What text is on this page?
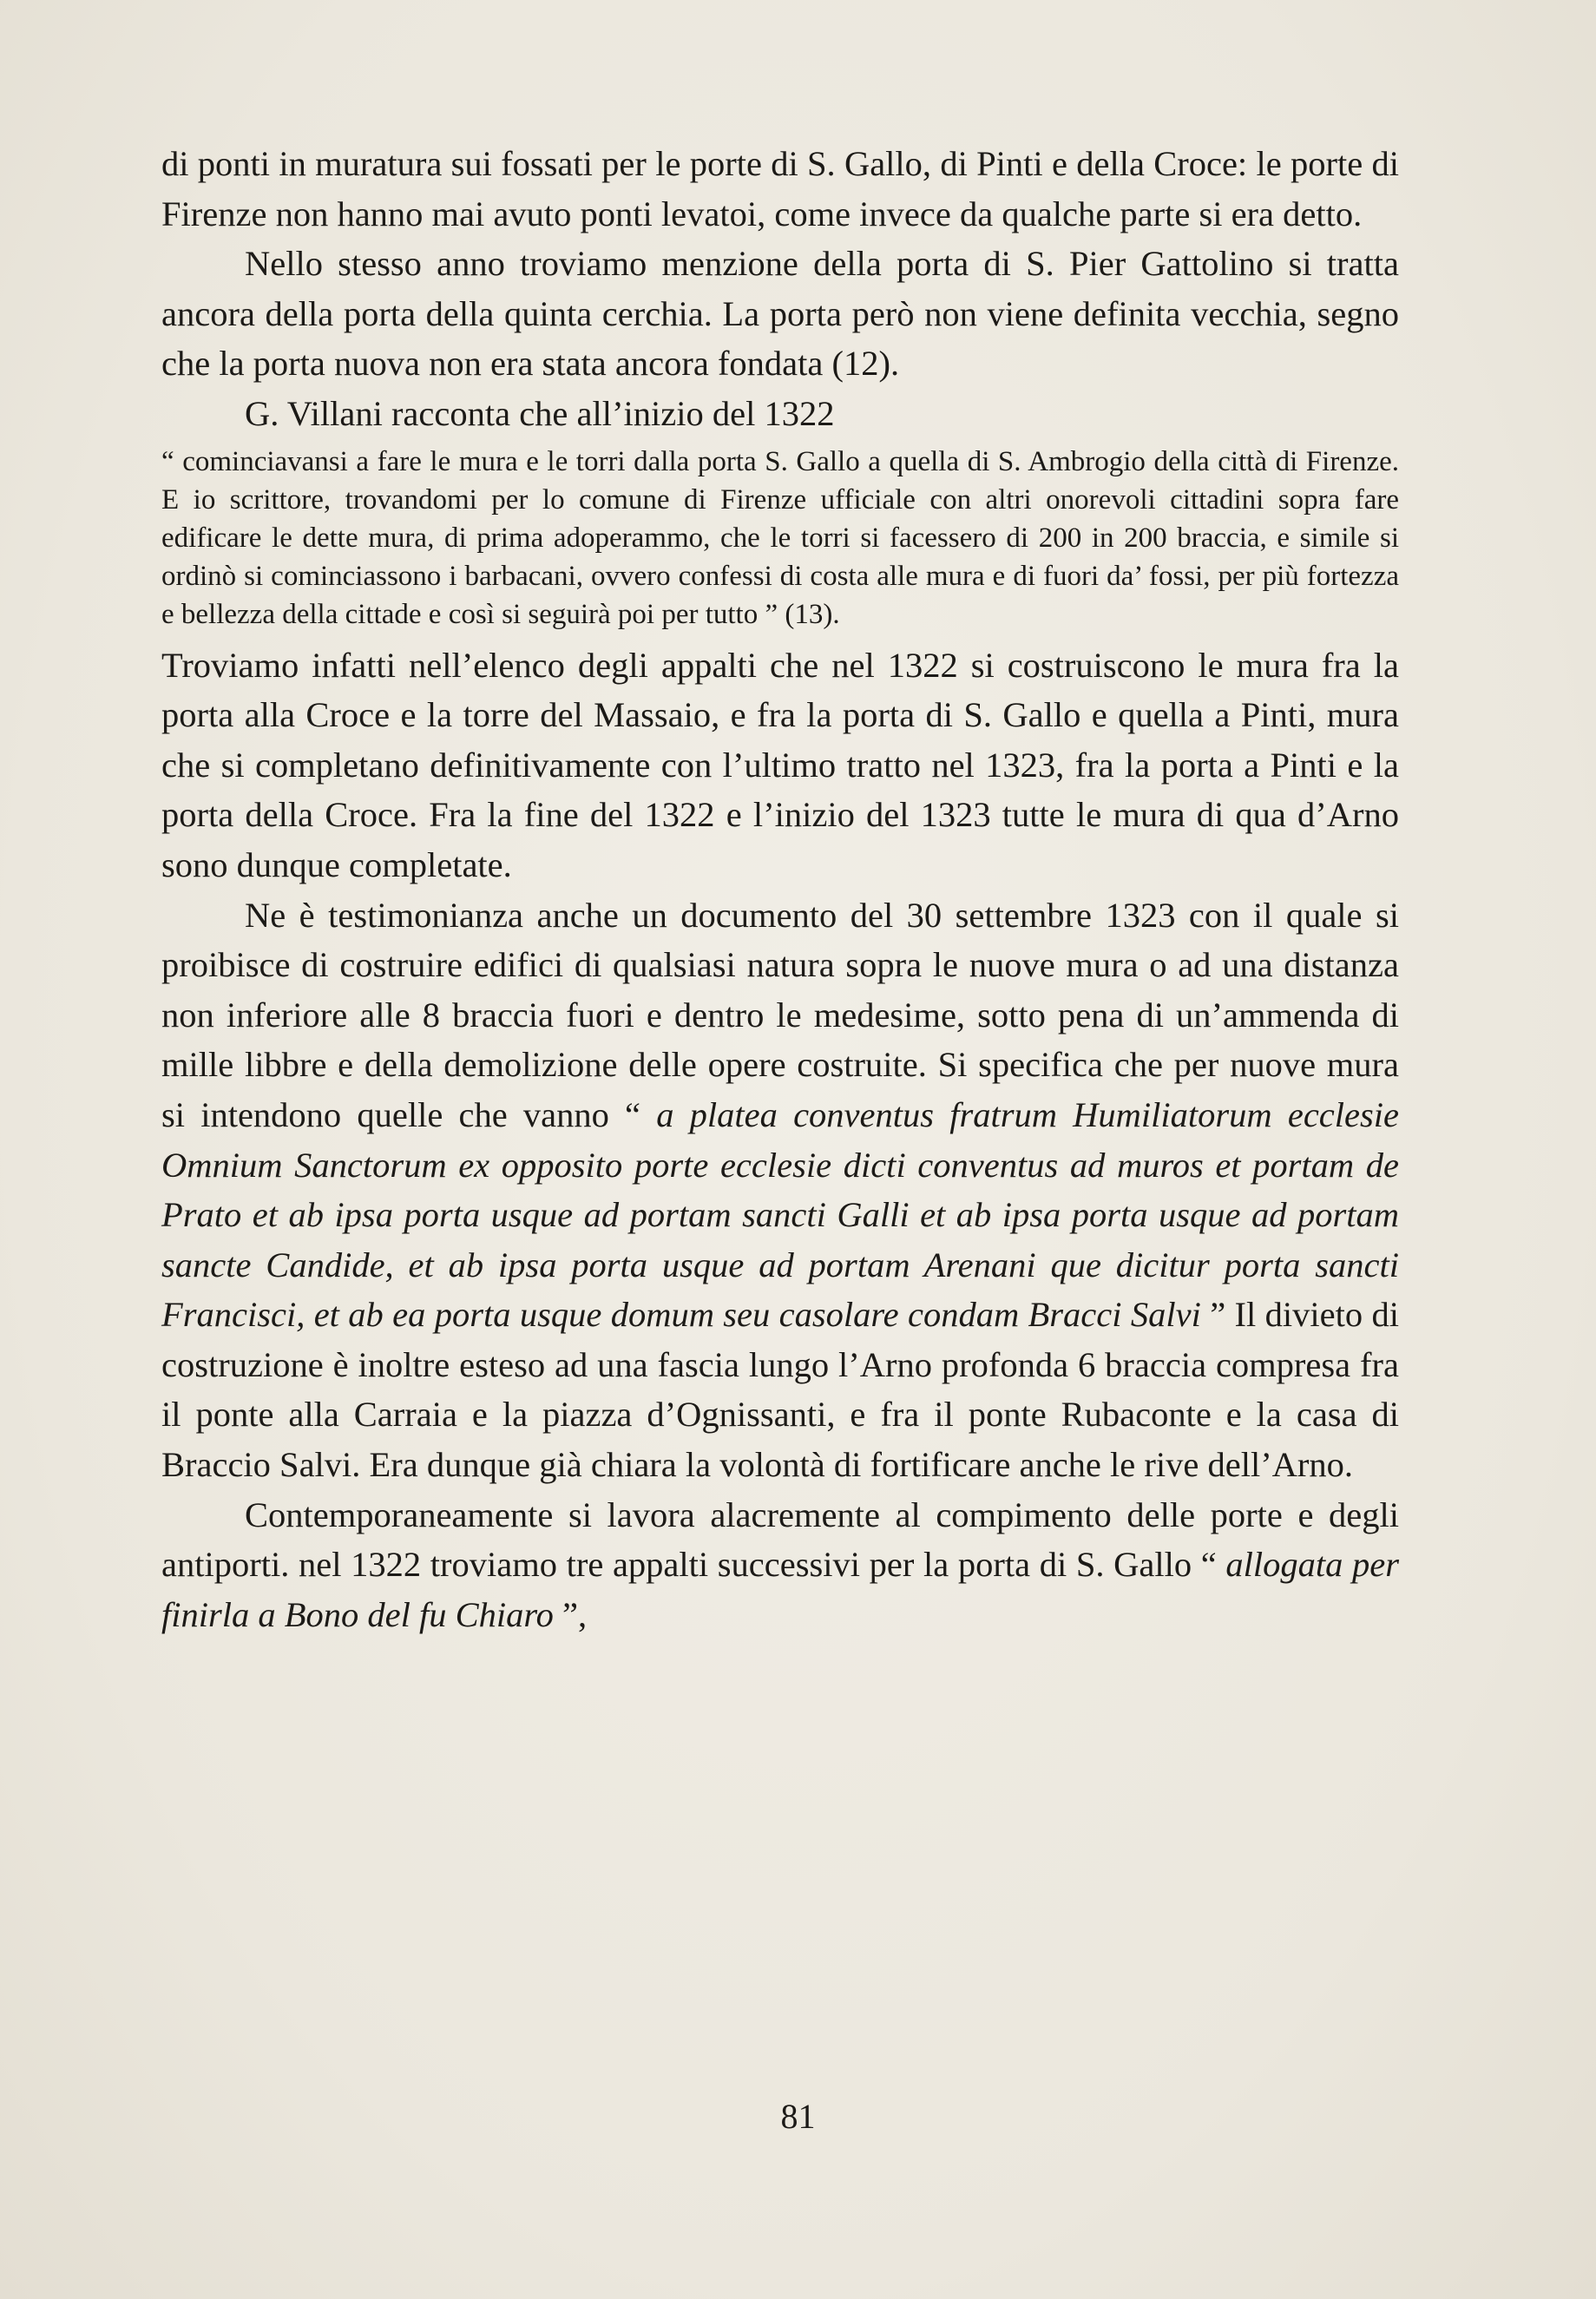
di ponti in muratura sui fossati per le porte di S. Gallo, di Pinti e della Croce: le porte di Firenze non hanno mai avuto ponti levatoi, come invece da qualche parte si era detto.

Nello stesso anno troviamo menzione della porta di S. Pier Gattolino si tratta ancora della porta della quinta cerchia. La porta però non viene definita vecchia, segno che la porta nuova non era stata ancora fondata (12).

G. Villani racconta che all’inizio del 1322

“ cominciavansi a fare le mura e le torri dalla porta S. Gallo a quella di S. Ambrogio della città di Firenze. E io scrittore, trovandomi per lo comune di Firenze ufficiale con altri onorevoli cittadini sopra fare edificare le dette mura, di prima adoperammo, che le torri si facessero di 200 in 200 braccia, e simile si ordinò si cominciassono i barbacani, ovvero confessi di costa alle mura e di fuori da’ fossi, per più fortezza e bellezza della cittade e così si seguirà poi per tutto ” (13).

Troviamo infatti nell’elenco degli appalti che nel 1322 si costruiscono le mura fra la porta alla Croce e la torre del Massaio, e fra la porta di S. Gallo e quella a Pinti, mura che si completano definitivamente con l’ultimo tratto nel 1323, fra la porta a Pinti e la porta della Croce. Fra la fine del 1322 e l’inizio del 1323 tutte le mura di qua d’Arno sono dunque completate.

Ne è testimonianza anche un documento del 30 settembre 1323 con il quale si proibisce di costruire edifici di qualsiasi natura sopra le nuove mura o ad una distanza non inferiore alle 8 braccia fuori e dentro le medesime, sotto pena di un’ammenda di mille libbre e della demolizione delle opere costruite. Si specifica che per nuove mura si intendono quelle che vanno “ a platea conventus fratrum Humiliatorum ecclesie Omnium Sanctorum ex opposito porte ecclesie dicti conventus ad muros et portam de Prato et ab ipsa porta usque ad portam sancti Galli et ab ipsa porta usque ad portam sancte Candide, et ab ipsa porta usque ad portam Arenani que dicitur porta sancti Francisci, et ab ea porta usque domum seu casolare condam Bracci Salvi ” Il divieto di costruzione è inoltre esteso ad una fascia lungo l’Arno profonda 6 braccia compresa fra il ponte alla Carraia e la piazza d’Ognissanti, e fra il ponte Rubaconte e la casa di Braccio Salvi. Era dunque già chiara la volontà di fortificare anche le rive dell’Arno.

Contemporaneamente si lavora alacremente al compimento delle porte e degli antiporti. nel 1322 troviamo tre appalti successivi per la porta di S. Gallo “ allogata per finirla a Bono del fu Chiaro ”,

81
